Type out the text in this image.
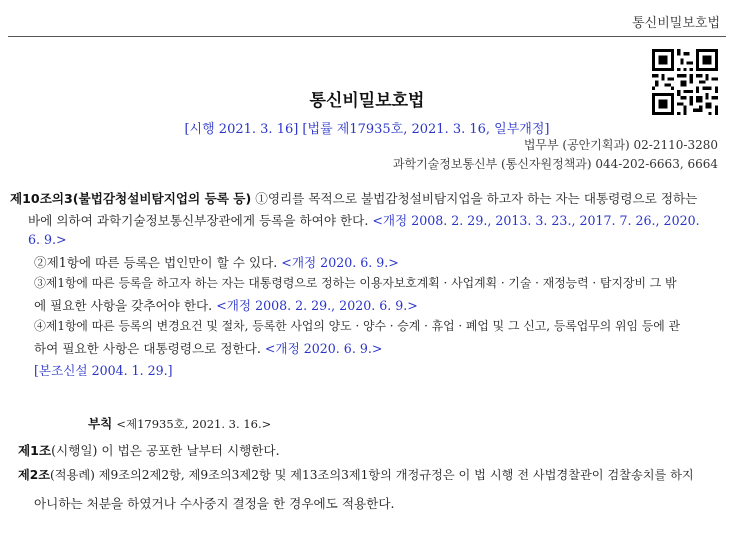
통신비밀보호법
통신비밀보호법
[시행 2021. 3. 16] [법률 제17935호, 2021. 3. 16, 일부개정]
법무부 (공안기획과) 02-2110-3280
과학기술정보통신부 (통신자원정책과) 044-202-6663, 6664
제10조의3(불법감청설비탐지업의 등록 등) ①영리를 목적으로 불법감청설비탐지업을 하고자 하는 자는 대통령령으로 정하는
바에 의하여 과학기술정보통신부장관에게 등록을 하여야 한다. <개정 2008. 2. 29., 2013. 3. 23., 2017. 7. 26., 2020.
6. 9.>
②제1항에 따른 등록은 법인만이 할 수 있다. <개정 2020. 6. 9.>
③제1항에 따른 등록을 하고자 하는 자는 대통령령으로 정하는 이용자보호계획 · 사업계획 · 기술 · 재정능력 · 탐지장비 그 밖
에 필요한 사항을 갖추어야 한다. <개정 2008. 2. 29., 2020. 6. 9.>
④제1항에 따른 등록의 변경요건 및 절차, 등록한 사업의 양도 · 양수 · 승계 · 휴업 · 폐업 및 그 신고, 등록업무의 위임 등에 관
하여 필요한 사항은 대통령령으로 정한다. <개정 2020. 6. 9.>
[본조신설 2004. 1. 29.]
부칙 <제17935호, 2021. 3. 16.>
제1조(시행일) 이 법은 공포한 날부터 시행한다.
제2조(적용례) 제9조의2제2항, 제9조의3제2항 및 제13조의3제1항의 개정규정은 이 법 시행 전 사법경찰관이 검찰송치를 하지
아니하는 처분을 하였거나 수사중지 결정을 한 경우에도 적용한다.
